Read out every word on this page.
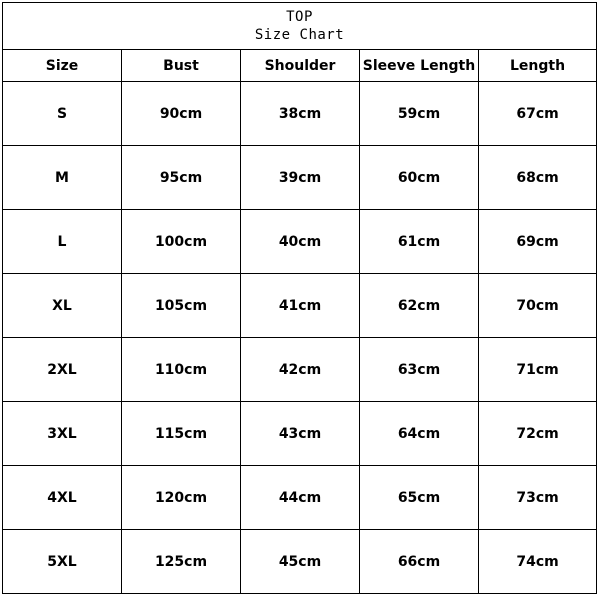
TOP
Size Chart				

Size	Bust	Shoulder	Sleeve Length	Length
S	90cm	38cm	59cm	67cm
M	95cm	39cm	60cm	68cm
L	100cm	40cm	61cm	69cm
XL	105cm	41cm	62cm	70cm
2XL	110cm	42cm	63cm	71cm
3XL	115cm	43cm	64cm	72cm
4XL	120cm	44cm	65cm	73cm
5XL	125cm	45cm	66cm	74cm
